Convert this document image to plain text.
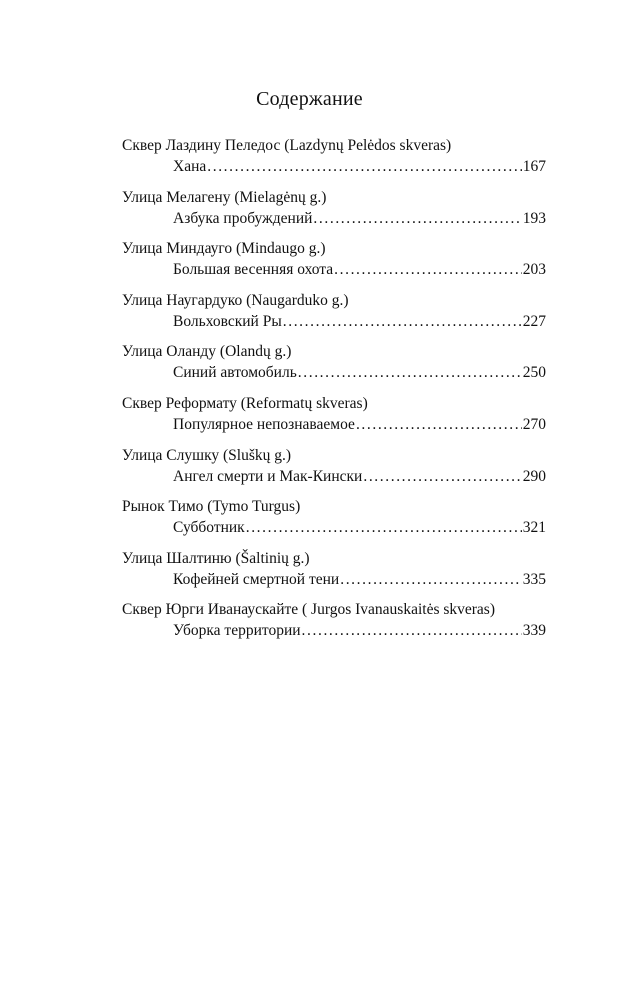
Содержание
Сквер Лаздину Пеледос (Lazdynų Pelėdos skveras)
Хана .....	167
Улица Мелагену (Mielagėnų g.)
Азбука пробуждений .....	193
Улица Миндауго (Mindaugo g.)
Большая весенняя охота .....	203
Улица Наугардуко (Naugarduko g.)
Вольховский Ры .....	227
Улица Оланду (Olandų g.)
Синий автомобиль .....	250
Сквер Реформату (Reformatų skveras)
Популярное непознаваемое .....	270
Улица Слушку (Sluškų g.)
Ангел смерти и Мак-Кински .....	290
Рынок Тимо (Tymo Turgus)
Субботник .....	321
Улица Шалтиню (Šaltinių g.)
Кофейней смертной тени .....	335
Сквер Юрги Иванаускайте ( Jurgos Ivanauskaitės skveras)
Уборка территории .....	339
